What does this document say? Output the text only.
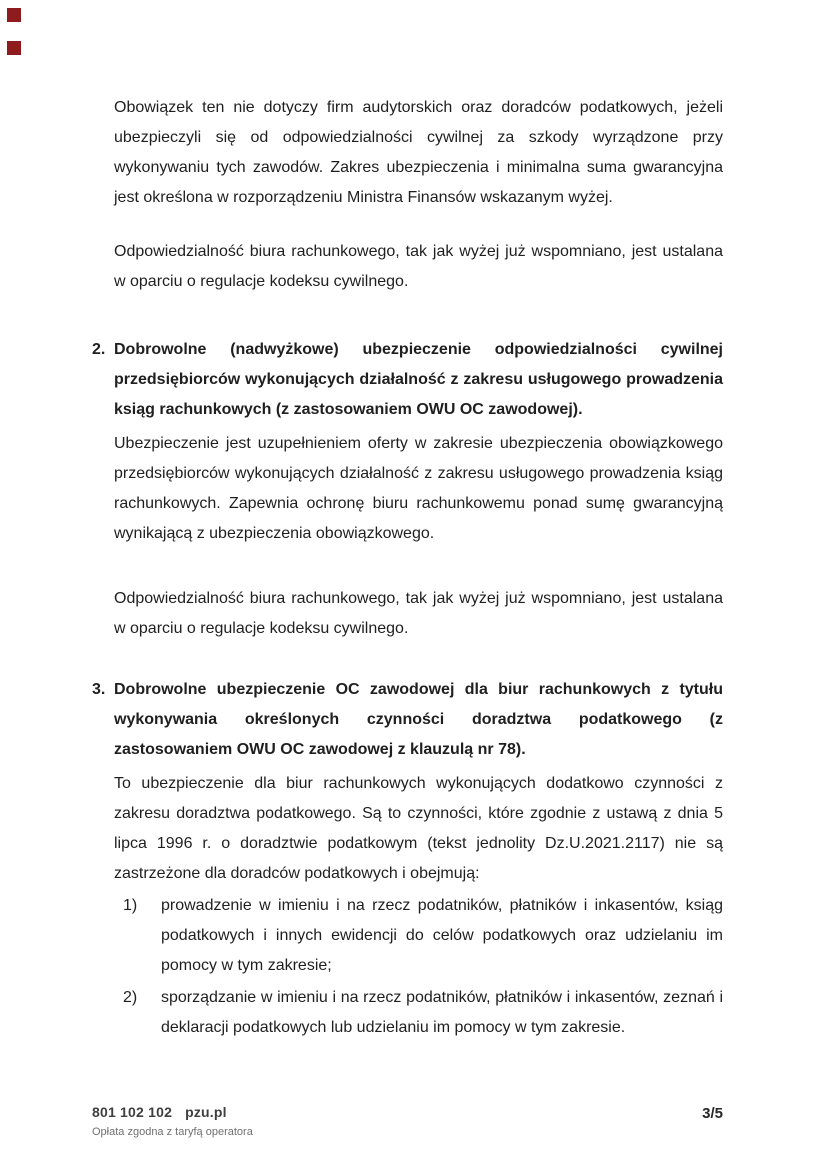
Obowiązek ten nie dotyczy firm audytorskich oraz doradców podatkowych, jeżeli ubezpieczyli się od odpowiedzialności cywilnej za szkody wyrządzone przy wykonywaniu tych zawodów. Zakres ubezpieczenia i minimalna suma gwarancyjna jest określona w rozporządzeniu Ministra Finansów wskazanym wyżej.

Odpowiedzialność biura rachunkowego, tak jak wyżej już wspomniano, jest ustalana w oparciu o regulacje kodeksu cywilnego.

2. Dobrowolne (nadwyżkowe) ubezpieczenie odpowiedzialności cywilnej przedsiębiorców wykonujących działalność z zakresu usługowego prowadzenia ksiąg rachunkowych (z zastosowaniem OWU OC zawodowej).

Ubezpieczenie jest uzupełnieniem oferty w zakresie ubezpieczenia obowiązkowego przedsiębiorców wykonujących działalność z zakresu usługowego prowadzenia ksiąg rachunkowych. Zapewnia ochronę biuru rachunkowemu ponad sumę gwarancyjną wynikającą z ubezpieczenia obowiązkowego.

Odpowiedzialność biura rachunkowego, tak jak wyżej już wspomniano, jest ustalana w oparciu o regulacje kodeksu cywilnego.

3. Dobrowolne ubezpieczenie OC zawodowej dla biur rachunkowych z tytułu wykonywania określonych czynności doradztwa podatkowego (z zastosowaniem OWU OC zawodowej z klauzulą nr 78).

To ubezpieczenie dla biur rachunkowych wykonujących dodatkowo czynności z zakresu doradztwa podatkowego. Są to czynności, które zgodnie z ustawą z dnia 5 lipca 1996 r. o doradztwie podatkowym (tekst jednolity Dz.U.2021.2117) nie są zastrzeżone dla doradców podatkowych i obejmują:

1)	prowadzenie w imieniu i na rzecz podatników, płatników i inkasentów, ksiąg podatkowych i innych ewidencji do celów podatkowych oraz udzielaniu im pomocy w tym zakresie;

2)	sporządzanie w imieniu i na rzecz podatników, płatników i inkasentów, zeznań i deklaracji podatkowych lub udzielaniu im pomocy w tym zakresie.

801 102 102 pzu.pl
Opłata zgodna z taryfą operatora
3/5
